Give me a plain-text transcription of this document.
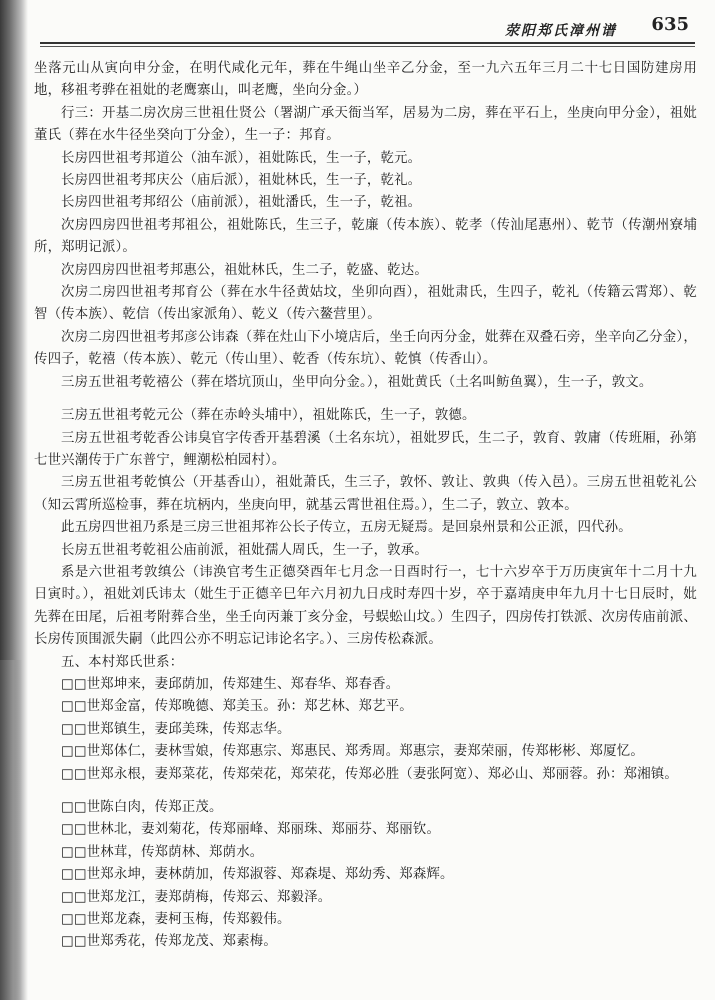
荥阳郑氏漳州谱 635

坐落元山从寅向申分金，在明代咸化元年，葬在牛绳山坐辛乙分金，至一九六五年三月二十七日国防建房用地，移祖考骅在祖妣的老鹰寨山，叫老鹰，坐向分金。）

行三：开基二房次房三世祖仕贤公（署湖广承天衙当军，居易为二房，葬在平石上，坐庚向甲分金），祖妣董氏（葬在水牛径坐癸向丁分金），生一子：邦育。

长房四世祖考邦道公（油车派），祖妣陈氏，生一子，乾元。

长房四世祖考邦庆公（庙后派），祖妣林氏，生一子，乾礼。

长房四世祖考邦绍公（庙前派），祖妣潘氏，生一子，乾祖。

次房四房四世祖考邦祖公，祖妣陈氏，生三子，乾廉（传本族）、乾孝（传汕尾惠州）、乾节（传潮州寮埔所，郑明记派）。

次房四房四世祖考邦惠公，祖妣林氏，生二子，乾盛、乾达。

次房二房四世祖考邦育公（葬在水牛径黄姑坟，坐卯向酉），祖妣肃氏，生四子，乾礼（传籍云霄郑）、乾智（传本族）、乾信（传出家派角）、乾义（传六鳌营里）。

次房二房四世祖考邦彦公讳森（葬在灶山下小境店后，坐壬向丙分金，妣葬在双叠石旁，坐辛向乙分金），传四子，乾禧（传本族）、乾元（传山里）、乾香（传东坑）、乾慎（传香山）。

三房五世祖考乾禧公（葬在塔坑顶山，坐甲向分金。），祖妣黄氏（土名叫鲂鱼翼），生一子，敦文。

三房五世祖考乾元公（葬在赤岭头埔中），祖妣陈氏，生一子，敦德。

三房五世祖考乾香公讳臭官字传香开基碧溪（土名东坑），祖妣罗氏，生二子，敦育、敦庸（传班厢，孙第七世兴潮传于广东普宁，鲤潮松柏园村）。

三房五世祖考乾慎公（开基香山），祖妣萧氏，生三子，敦怀、敦让、敦典（传入邑）。三房五世祖乾礼公（知云霄所巡检事，葬在坑柄内，坐庚向甲，就基云霄世祖住焉。），生二子，敦立、敦本。

此五房四世祖乃系是三房三世祖邦祚公长子传立，五房无疑焉。是回泉州景和公正派，四代孙。

长房五世祖考乾祖公庙前派，祖妣孺人周氏，生一子，敦承。

系是六世祖考敦缜公（讳涣官考生正德癸酉年七月念一日酉时行一，七十六岁卒于万历庚寅年十二月十九日寅时。），祖妣刘氏讳太（妣生于正德辛巳年六月初九日戌时寿四十岁，卒于嘉靖庚申年九月十七日辰时，妣先葬在田尾，后祖考附葬合坐，坐壬向丙兼丁亥分金，号蜈蚣山坟。）生四子，四房传打铁派、次房传庙前派、长房传顶围派失嗣（此四公亦不明忘记讳论名字。）、三房传松森派。

五、本村郑氏世系：

□□世郑坤来，妻邱荫加，传郑建生、郑春华、郑春香。

□□世郑金富，传郑晚德、郑美玉。孙：郑艺林、郑艺平。

□□世郑镇生，妻邱美珠，传郑志华。

□□世郑体仁，妻林雪娘，传郑惠宗、郑惠民、郑秀周。郑惠宗，妻郑荣丽，传郑彬彬、郑厦忆。

□□世郑永根，妻郑菜花，传郑荣花，郑荣花，传郑必胜（妻张阿宽）、郑必山、郑丽蓉。孙：郑湘镇。

□□世陈白肉，传郑正茂。

□□世林北，妻刘菊花，传郑丽峰、郑丽珠、郑丽芬、郑丽钦。

□□世林茸，传郑荫林、郑荫水。

□□世郑永坤，妻林荫加，传郑淑蓉、郑森堤、郑幼秀、郑森辉。

□□世郑龙江，妻郑荫梅，传郑云、郑毅泽。

□□世郑龙森，妻柯玉梅，传郑毅伟。

□□世郑秀花，传郑龙茂、郑素梅。
